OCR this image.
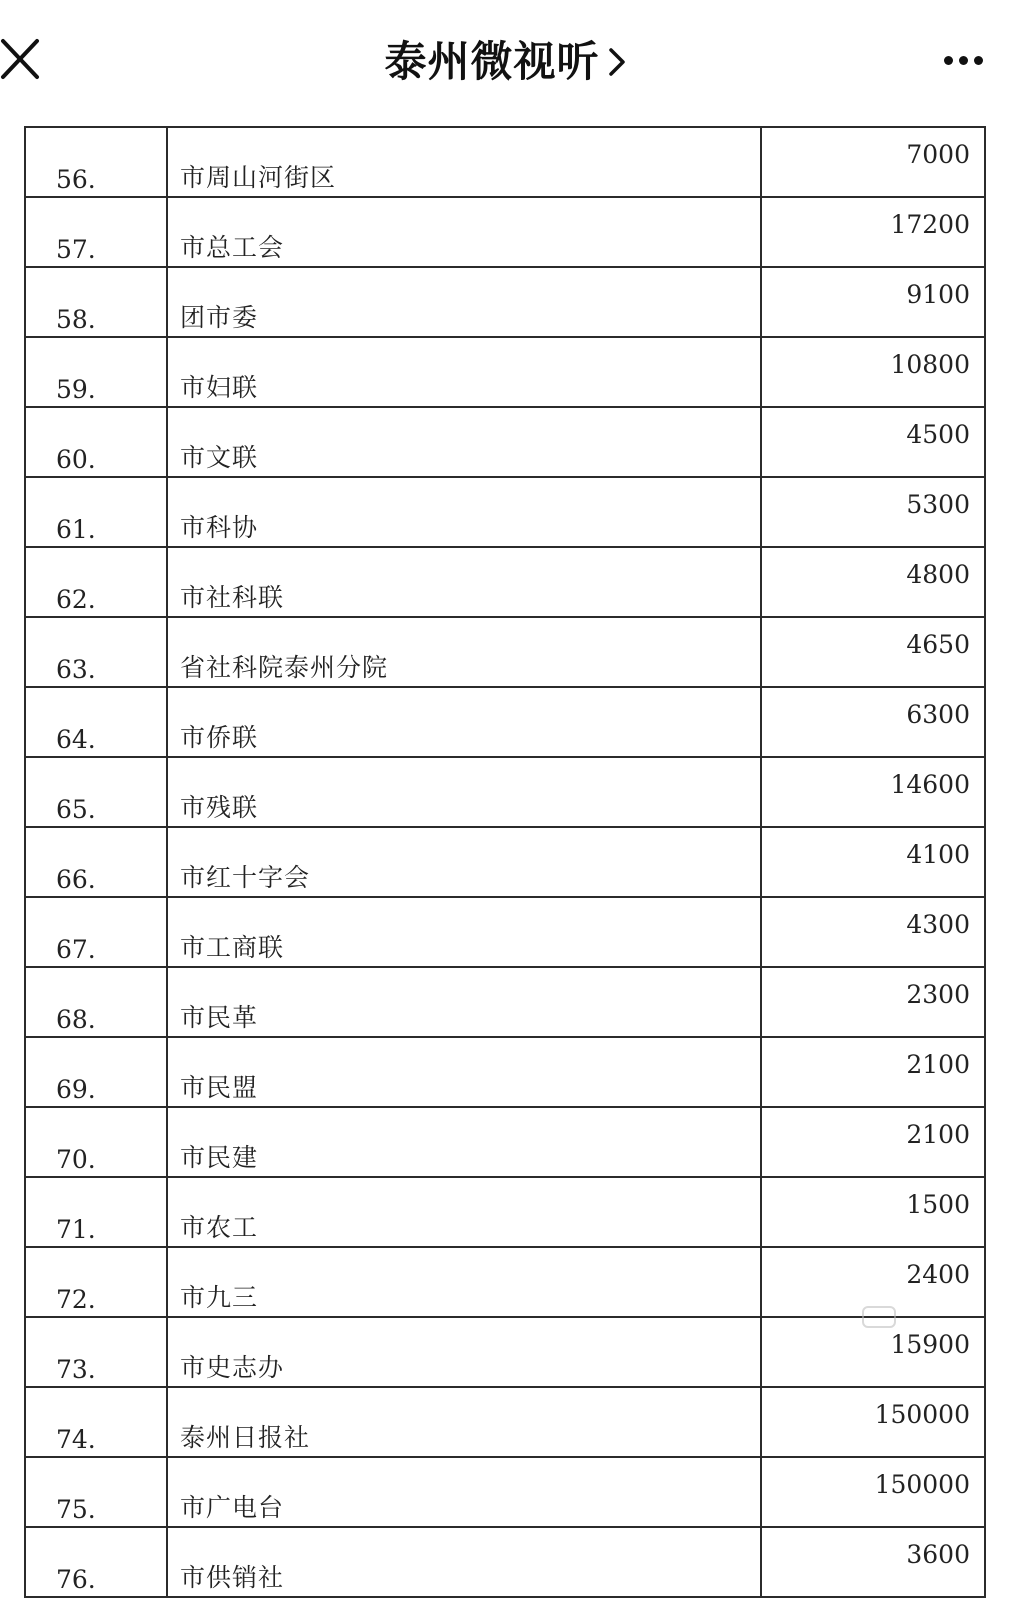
泰州微视听
56.	市周山河街区	7000
57.	市总工会	17200
58.	团市委	9100
59.	市妇联	10800
60.	市文联	4500
61.	市科协	5300
62.	市社科联	4800
63.	省社科院泰州分院	4650
64.	市侨联	6300
65.	市残联	14600
66.	市红十字会	4100
67.	市工商联	4300
68.	市民革	2300
69.	市民盟	2100
70.	市民建	2100
71.	市农工	1500
72.	市九三	2400
73.	市史志办	15900
74.	泰州日报社	150000
75.	市广电台	150000
76.	市供销社	3600
